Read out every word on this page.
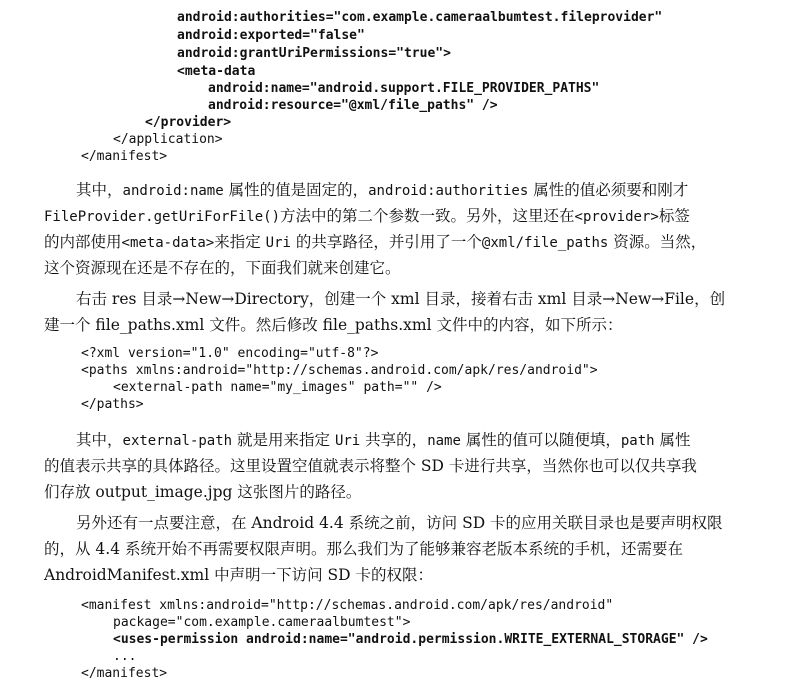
android:authorities="com.example.cameraalbumtest.fileprovider"
android:exported="false"
android:grantUriPermissions="true">
<meta-data
android:name="android.support.FILE_PROVIDER_PATHS"
android:resource="@xml/file_paths" />
</provider>
</application>
</manifest>
其中，android:name 属性的值是固定的，android:authorities 属性的值必须要和刚才
FileProvider.getUriForFile()方法中的第二个参数一致。另外，这里还在<provider>标签
的内部使用<meta-data>来指定 Uri 的共享路径，并引用了一个@xml/file_paths 资源。当然，
这个资源现在还是不存在的，下面我们就来创建它。
右击 res 目录→New→Directory，创建一个 xml 目录，接着右击 xml 目录→New→File，创
建一个 file_paths.xml 文件。然后修改 file_paths.xml 文件中的内容，如下所示：
<?xml version="1.0" encoding="utf-8"?>
<paths xmlns:android="http://schemas.android.com/apk/res/android">
<external-path name="my_images" path="" />
</paths>
其中，external-path 就是用来指定 Uri 共享的，name 属性的值可以随便填，path 属性
的值表示共享的具体路径。这里设置空值就表示将整个 SD 卡进行共享，当然你也可以仅共享我
们存放 output_image.jpg 这张图片的路径。
另外还有一点要注意，在 Android 4.4 系统之前，访问 SD 卡的应用关联目录也是要声明权限
的，从 4.4 系统开始不再需要权限声明。那么我们为了能够兼容老版本系统的手机，还需要在
AndroidManifest.xml 中声明一下访问 SD 卡的权限：
<manifest xmlns:android="http://schemas.android.com/apk/res/android"
package="com.example.cameraalbumtest">
<uses-permission android:name="android.permission.WRITE_EXTERNAL_STORAGE" />
...
</manifest>
